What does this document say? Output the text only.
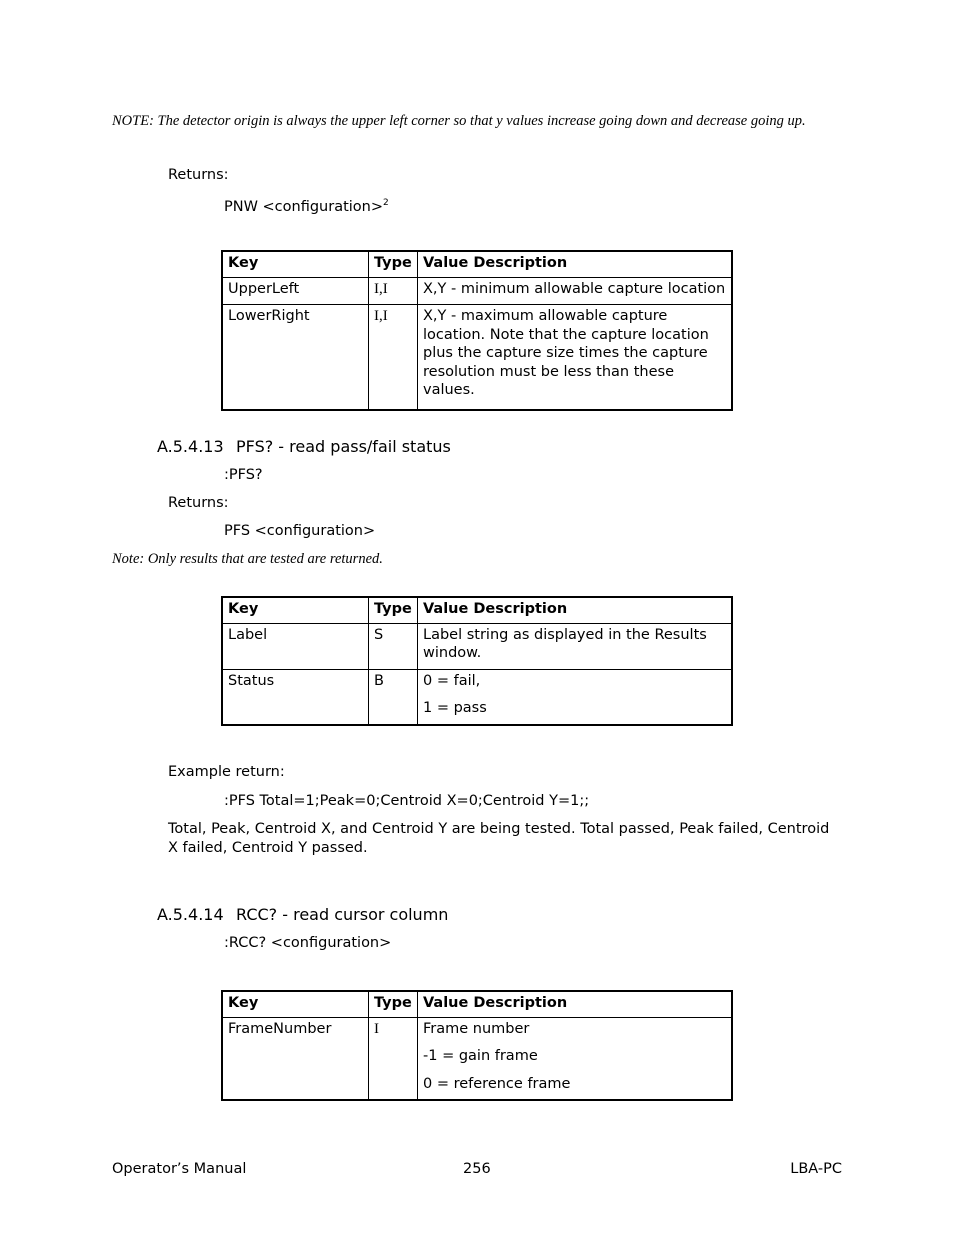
NOTE: The detector origin is always the upper left corner so that y values increase going down and decrease going up.
Returns:
PNW <configuration>$^2$
Key	Type	Value Description
UpperLeft	I,I	X,Y - minimum allowable capture location
LowerRight	I,I	X,Y - maximum allowable capture location. Note that the capture location plus the capture size times the capture resolution must be less than these values.
A.5.4.13 PFS? - read pass/fail status
:PFS?
Returns:
PFS <configuration>
Note: Only results that are tested are returned.
Key	Type	Value Description
Label	S	Label string as displayed in the Results window.
Status	B	0 = fail,

1 = pass

Example return:
:PFS Total=1;Peak=0;Centroid X=0;Centroid Y=1;;
Total, Peak, Centroid X, and Centroid Y are being tested. Total passed, Peak failed, Centroid X failed, Centroid Y passed.
A.5.4.14 RCC? - read cursor column
:RCC? <configuration>
Key	Type	Value Description
FrameNumber	I	Frame number

-1 = gain frame

0 = reference frame

Operator’s Manual	256	LBA-PC
